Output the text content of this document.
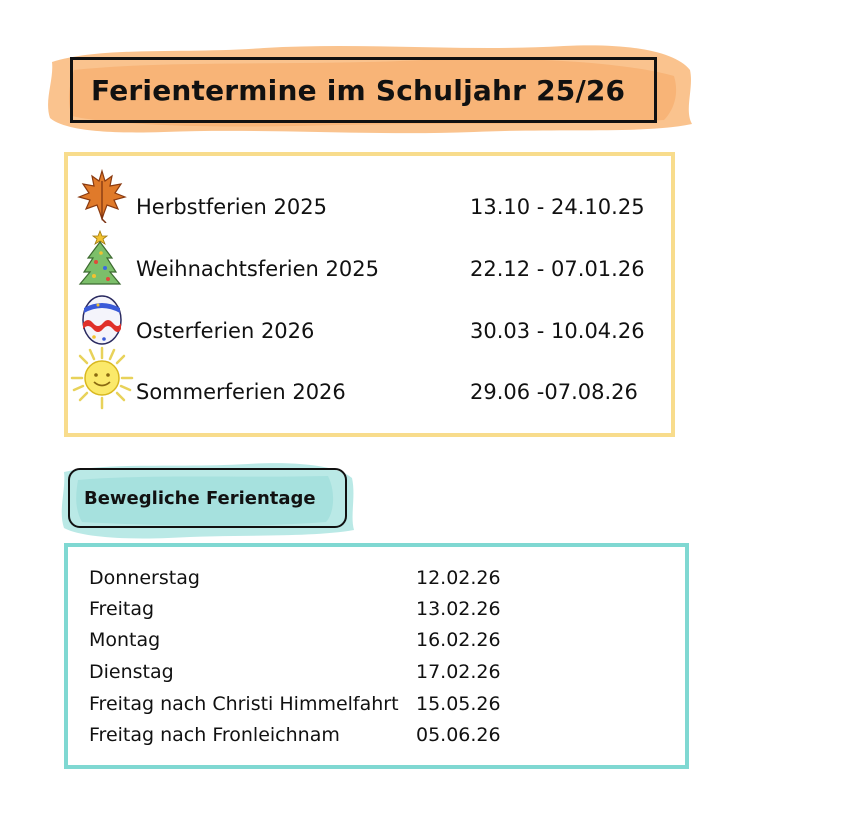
Ferientermine im Schuljahr 25/26
Herbstferien 2025	13.10 - 24.10.25
Weihnachtsferien 2025	22.12 - 07.01.26
Osterferien 2026	30.03 - 10.04.26
Sommerferien 2026	29.06 -07.08.26
Bewegliche Ferientage
Donnerstag	12.02.26
Freitag	13.02.26
Montag	16.02.26
Dienstag	17.02.26
Freitag nach Christi Himmelfahrt 15.05.26
Freitag nach Fronleichnam	05.06.26
